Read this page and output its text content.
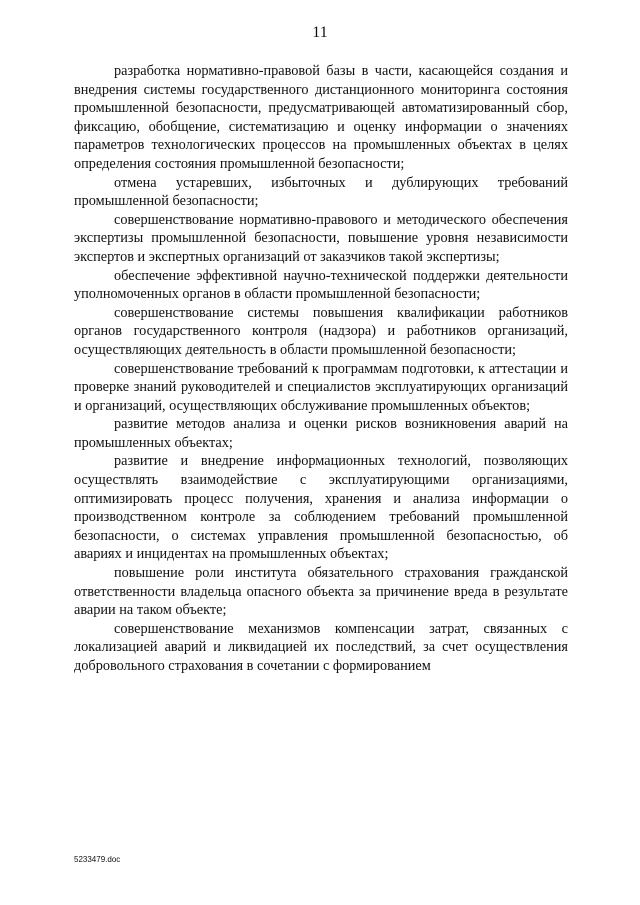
11

разработка нормативно-правовой базы в части, касающейся создания и внедрения системы государственного дистанционного мониторинга состояния промышленной безопасности, предусматривающей автоматизированный сбор, фиксацию, обобщение, систематизацию и оценку информации о значениях параметров технологических процессов на промышленных объектах в целях определения состояния промышленной безопасности;

отмена устаревших, избыточных и дублирующих требований промышленной безопасности;

совершенствование нормативно-правового и методического обеспечения экспертизы промышленной безопасности, повышение уровня независимости экспертов и экспертных организаций от заказчиков такой экспертизы;

обеспечение эффективной научно-технической поддержки деятельности уполномоченных органов в области промышленной безопасности;

совершенствование системы повышения квалификации работников органов государственного контроля (надзора) и работников организаций, осуществляющих деятельность в области промышленной безопасности;

совершенствование требований к программам подготовки, к аттестации и проверке знаний руководителей и специалистов эксплуатирующих организаций и организаций, осуществляющих обслуживание промышленных объектов;

развитие методов анализа и оценки рисков возникновения аварий на промышленных объектах;

развитие и внедрение информационных технологий, позволяющих осуществлять взаимодействие с эксплуатирующими организациями, оптимизировать процесс получения, хранения и анализа информации о производственном контроле за соблюдением требований промышленной безопасности, о системах управления промышленной безопасностью, об авариях и инцидентах на промышленных объектах;

повышение роли института обязательного страхования гражданской ответственности владельца опасного объекта за причинение вреда в результате аварии на таком объекте;

совершенствование механизмов компенсации затрат, связанных с локализацией аварий и ликвидацией их последствий, за счет осуществления добровольного страхования в сочетании с формированием

5233479.doc
